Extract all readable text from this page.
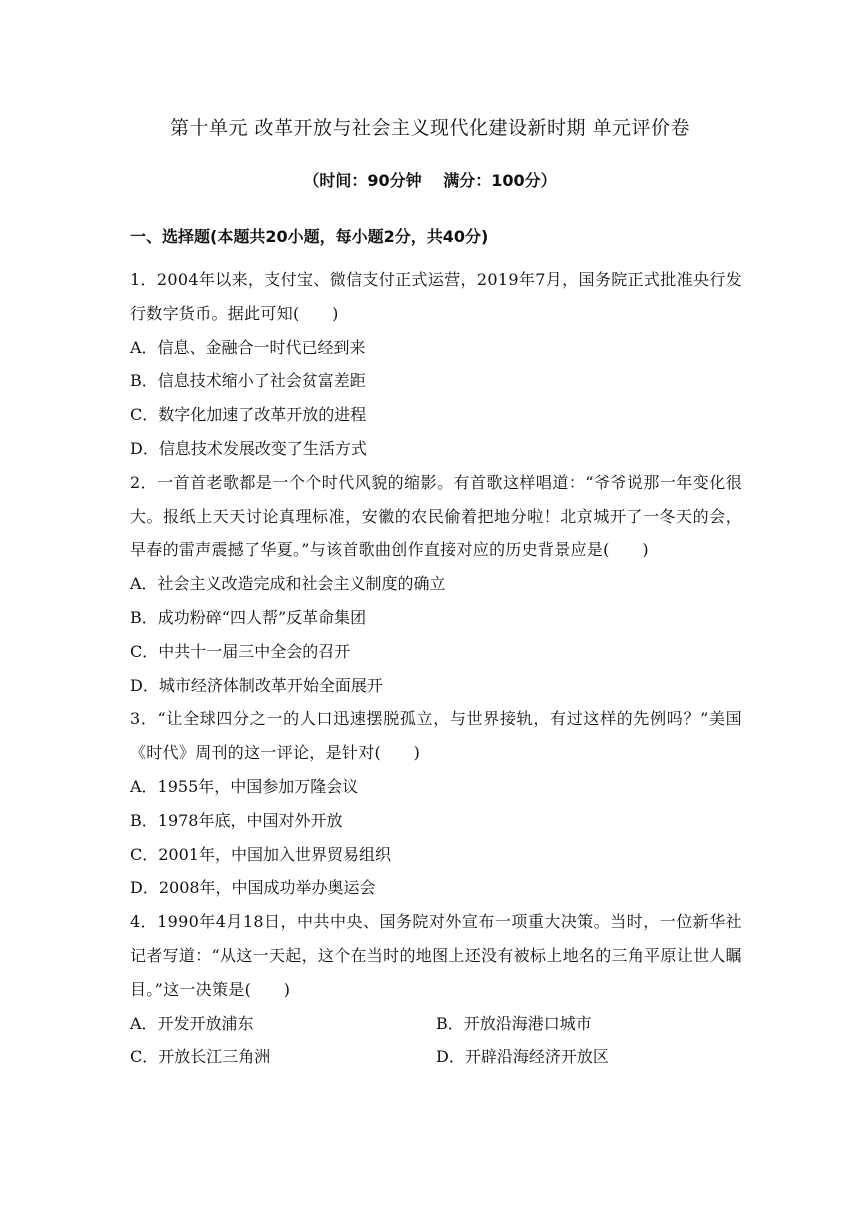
第十单元 改革开放与社会主义现代化建设新时期 单元评价卷
（时间：90分钟　 满分：100分）
一、选择题(本题共20小题，每小题2分，共40分)

1．2004年以来，支付宝、微信支付正式运营，2019年7月，国务院正式批准央行发行数字货币。据此可知(　　)

A．信息、金融合一时代已经到来

B．信息技术缩小了社会贫富差距

C．数字化加速了改革开放的进程

D．信息技术发展改变了生活方式

2．一首首老歌都是一个个时代风貌的缩影。有首歌这样唱道：“爷爷说那一年变化很大。报纸上天天讨论真理标准，安徽的农民偷着把地分啦！北京城开了一冬天的会，早春的雷声震撼了华夏。”与该首歌曲创作直接对应的历史背景应是(　　)

A．社会主义改造完成和社会主义制度的确立

B．成功粉碎“四人帮”反革命集团

C．中共十一届三中全会的召开

D．城市经济体制改革开始全面展开

3．“让全球四分之一的人口迅速摆脱孤立，与世界接轨，有过这样的先例吗？”美国《时代》周刊的这一评论，是针对(　　)

A．1955年，中国参加万隆会议

B．1978年底，中国对外开放

C．2001年，中国加入世界贸易组织

D．2008年，中国成功举办奥运会

4．1990年4月18日，中共中央、国务院对外宣布一项重大决策。当时，一位新华社记者写道：“从这一天起，这个在当时的地图上还没有被标上地名的三角平原让世人瞩目。”这一决策是(　　)

A．开发开放浦东	B．开放沿海港口城市

C．开放长江三角洲	D．开辟沿海经济开放区
